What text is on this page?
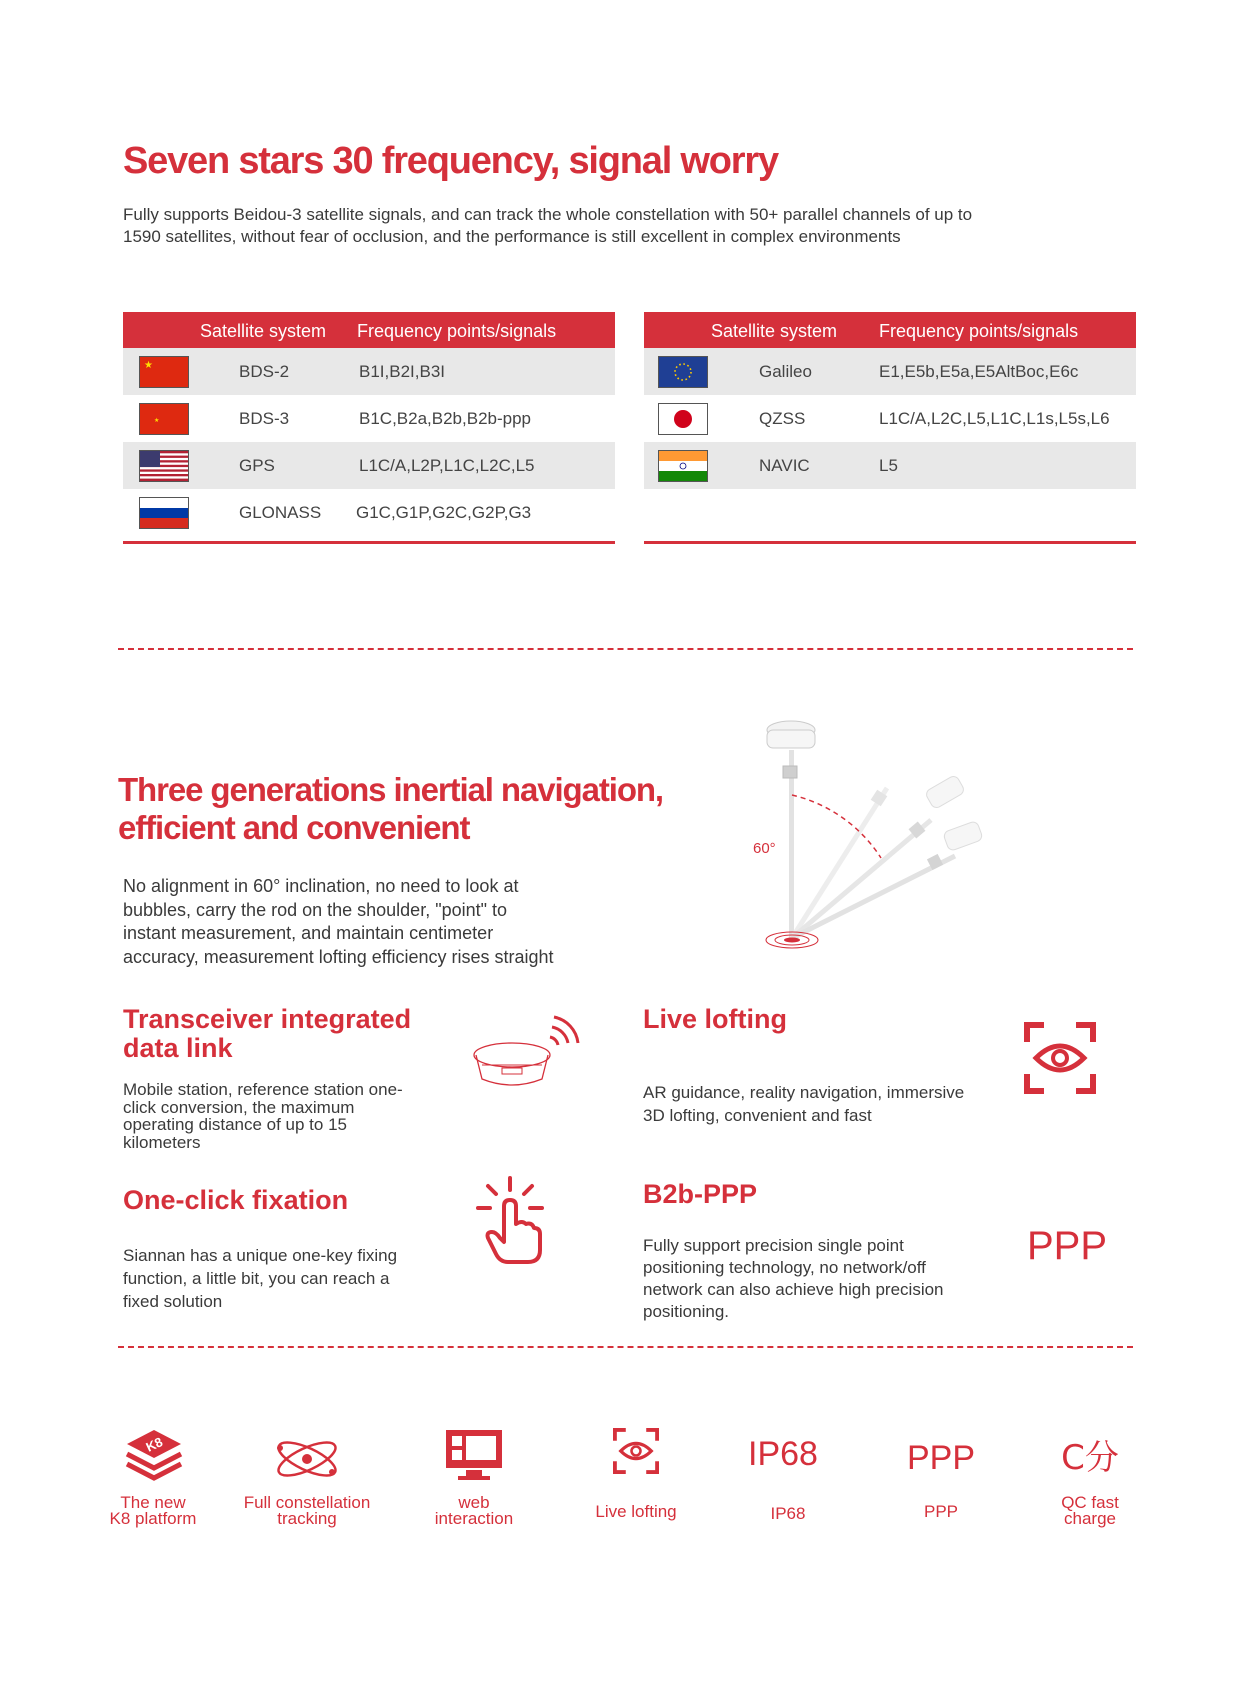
Seven stars 30 frequency, signal worry
Fully supports Beidou-3 satellite signals, and can track the whole constellation with 50+ parallel channels of up to
1590 satellites, without fear of occlusion, and the performance is still excellent in complex environments
Satellite system Frequency points/signals
★	BDS-2	B1I,B2I,B3I
★	BDS-3	B1C,B2a,B2b,B2b-ppp
GPS	L1C/A,L2P,L1C,L2C,L5
GLONASS G1C,G1P,G2C,G2P,G3
Satellite system Frequency points/signals
Galileo	E1,E5b,E5a,E5AltBoc,E6c
QZSS	L1C/A,L2C,L5,L1C,L1s,L5s,L6
NAVIC	L5
Three generations inertial navigation,
efficient and convenient
No alignment in 60° inclination, no need to look at
bubbles, carry the rod on the shoulder, "point" to
instant measurement, and maintain centimeter
accuracy, measurement lofting efficiency rises straight
60°
Transceiver integrated
data link
Mobile station, reference station one-
click conversion, the maximum
operating distance of up to 15
kilometers
Live lofting
AR guidance, reality navigation, immersive
3D lofting, convenient and fast
One-click fixation
Siannan has a unique one-key fixing
function, a little bit, you can reach a
fixed solution
B2b-PPP
Fully support precision single point
positioning technology, no network/off
network can also achieve high precision
positioning.
PPP
K8
The new
K8 platform
Full constellation
tracking
web
interaction	Live lofting
IP68
IP68
PPP
PPP
C分
QC fast
charge
